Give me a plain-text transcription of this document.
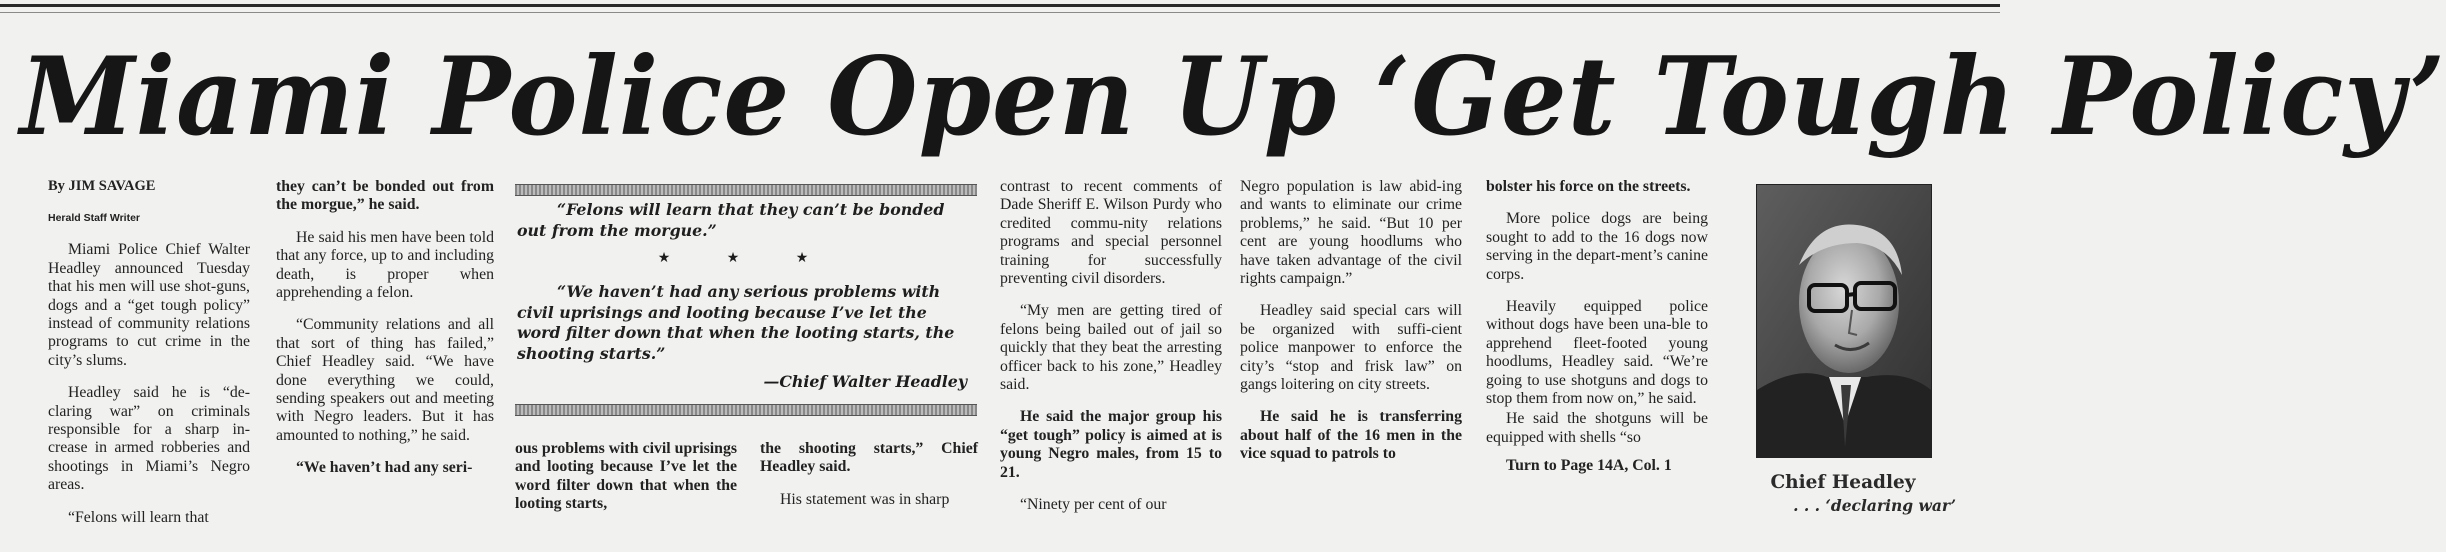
Miami Police Open Up ‘Get Tough Policy’

By JIM SAVAGE

Herald Staff Writer

Miami Police Chief Walter Headley announced Tuesday that his men will use shot-guns, dogs and a “get tough policy” instead of community relations programs to cut crime in the city’s slums.

Headley said he is “de-claring war” on criminals responsible for a sharp in-crease in armed robberies and shootings in Miami’s Negro areas.

“Felons will learn that

they can’t be bonded out from the morgue,” he said.

He said his men have been told that any force, up to and including death, is proper when apprehending a felon.

“Community relations and all that sort of thing has failed,” Chief Headley said. “We have done everything we could, sending speakers out and meeting with Negro leaders. But it has amounted to nothing,” he said.

“We haven’t had any seri-

“Felons will learn that they can’t be bonded out from the morgue.”

★ ★ ★

“We haven’t had any serious problems with civil uprisings and looting because I’ve let the word filter down that when the looting starts, the shooting starts.”

—Chief Walter Headley

ous problems with civil uprisings and looting because I’ve let the word filter down that when the looting starts,

the shooting starts,” Chief Headley said.

His statement was in sharp

contrast to recent comments of Dade Sheriff E. Wilson Purdy who credited commu-nity relations programs and special personnel training for successfully preventing civil disorders.

“My men are getting tired of felons being bailed out of jail so quickly that they beat the arresting officer back to his zone,” Headley said.

He said the major group his “get tough” policy is aimed at is young Negro males, from 15 to 21.

“Ninety per cent of our

Negro population is law abid-ing and wants to eliminate our crime problems,” he said. “But 10 per cent are young hoodlums who have taken advantage of the civil rights campaign.”

Headley said special cars will be organized with suffi-cient police manpower to enforce the city’s “stop and frisk law” on gangs loitering on city streets.

He said he is transferring about half of the 16 men in the vice squad to patrols to

bolster his force on the streets.

More police dogs are being sought to add to the 16 dogs now serving in the depart-ment’s canine corps.

Heavily equipped police without dogs have been una-ble to apprehend fleet-footed young hoodlums, Headley said. “We’re going to use shotguns and dogs to stop them from now on,” he said.

He said the shotguns will be equipped with shells “so

Turn to Page 14A, Col. 1

Chief Headley
. . . ‘declaring war’
